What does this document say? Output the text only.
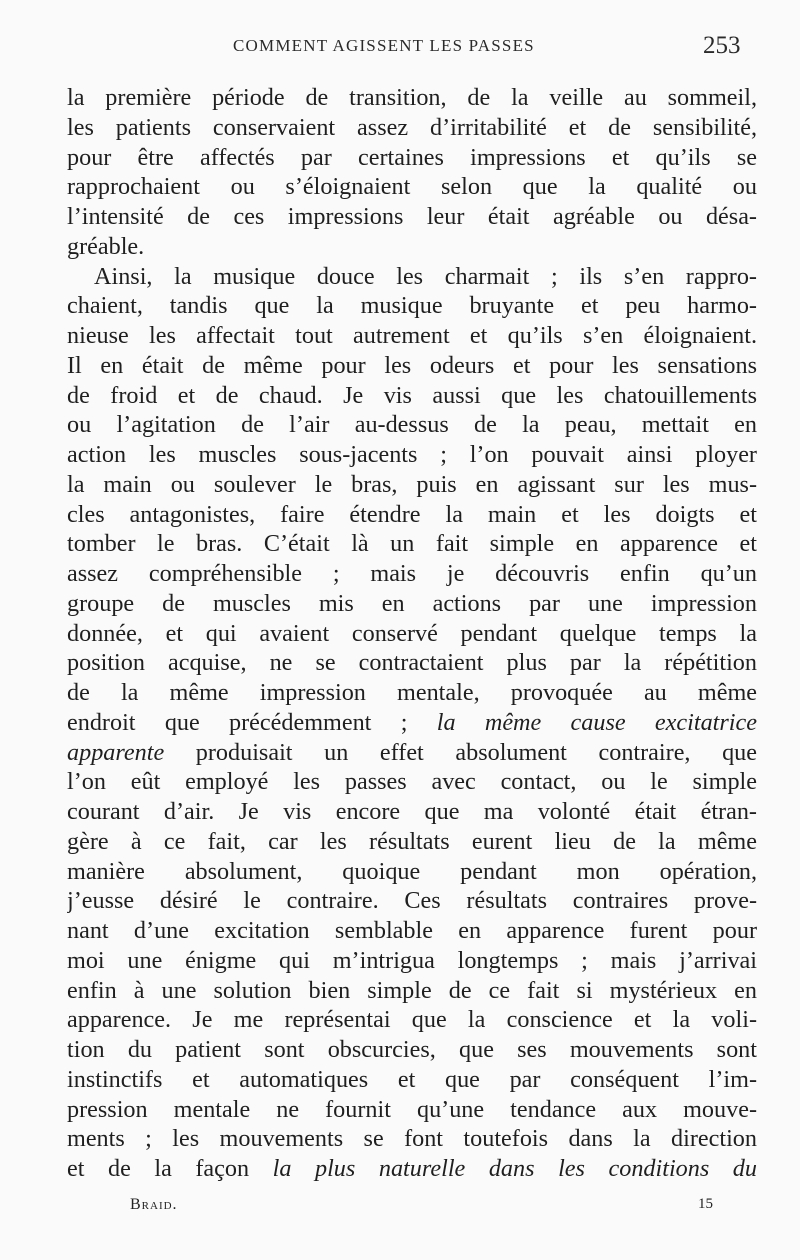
COMMENT AGISSENT LES PASSES	253
la première période de transition, de la veille au sommeil,
les patients conservaient assez d’irritabilité et de sensibilité,
pour être affectés par certaines impressions et qu’ils se
rapprochaient ou s’éloignaient selon que la qualité ou
l’intensité de ces impressions leur était agréable ou désa-
gréable.
Ainsi, la musique douce les charmait ; ils s’en rappro-
chaient, tandis que la musique bruyante et peu harmo-
nieuse les affectait tout autrement et qu’ils s’en éloignaient.
Il en était de même pour les odeurs et pour les sensations
de froid et de chaud. Je vis aussi que les chatouillements
ou l’agitation de l’air au-dessus de la peau, mettait en
action les muscles sous-jacents ; l’on pouvait ainsi ployer
la main ou soulever le bras, puis en agissant sur les mus-
cles antagonistes, faire étendre la main et les doigts et
tomber le bras. C’était là un fait simple en apparence et
assez compréhensible ; mais je découvris enfin qu’un
groupe de muscles mis en actions par une impression
donnée, et qui avaient conservé pendant quelque temps la
position acquise, ne se contractaient plus par la répétition
de la même impression mentale, provoquée au même
endroit que précédemment ; la même cause excitatrice
apparente produisait un effet absolument contraire, que
l’on eût employé les passes avec contact, ou le simple
courant d’air. Je vis encore que ma volonté était étran-
gère à ce fait, car les résultats eurent lieu de la même
manière absolument, quoique pendant mon opération,
j’eusse désiré le contraire. Ces résultats contraires prove-
nant d’une excitation semblable en apparence furent pour
moi une énigme qui m’intrigua longtemps ; mais j’arrivai
enfin à une solution bien simple de ce fait si mystérieux en
apparence. Je me représentai que la conscience et la voli-
tion du patient sont obscurcies, que ses mouvements sont
instinctifs et automatiques et que par conséquent l’im-
pression mentale ne fournit qu’une tendance aux mouve-
ments ; les mouvements se font toutefois dans la direction
et de la façon la plus naturelle dans les conditions du
Braid.	15
